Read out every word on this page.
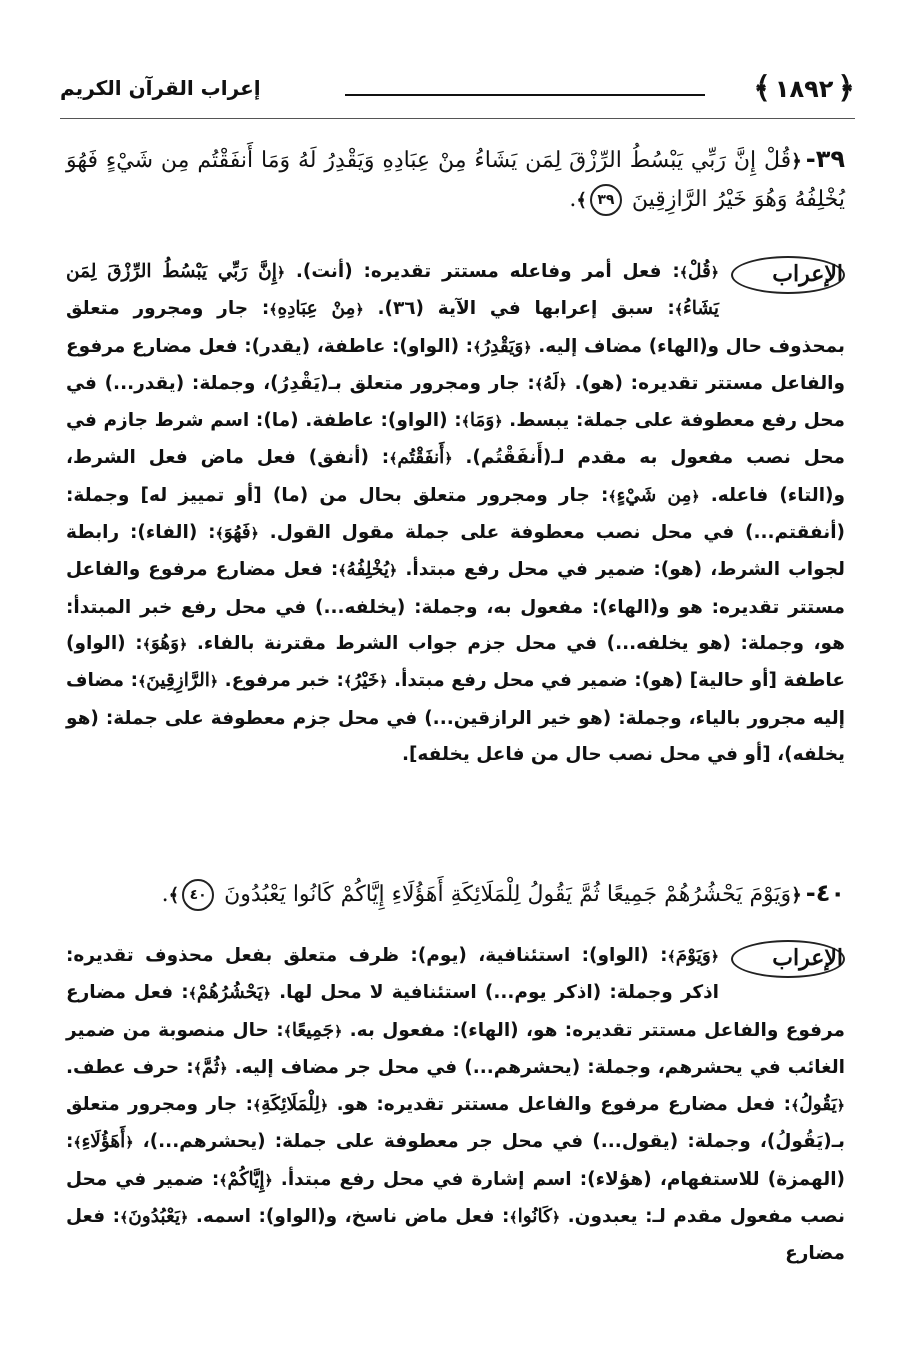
﴿
١٨٩٢
﴾
إعراب القرآن الكريم
٣٩-﴿قُلْ إِنَّ رَبِّي يَبْسُطُ الرِّزْقَ لِمَن يَشَاءُ مِنْ عِبَادِهِ وَيَقْدِرُ لَهُ وَمَا أَنفَقْتُم مِن شَيْءٍ فَهُوَ يُخْلِفُهُ وَهُوَ خَيْرُ الرَّازِقِينَ ٣٩﴾.
الإعراب
﴿قُلْ﴾: فعل أمر وفاعله مستتر تقديره: (أنت). ﴿إِنَّ رَبِّي يَبْسُطُ الرِّزْقَ لِمَن يَشَاءُ﴾: سبق إعرابها في الآية (٣٦). ﴿مِنْ عِبَادِهِ﴾: جار ومجرور متعلق بمحذوف حال و(الهاء) مضاف إليه. ﴿وَيَقْدِرُ﴾: (الواو): عاطفة، (يقدر): فعل مضارع مرفوع والفاعل مستتر تقديره: (هو). ﴿لَهُ﴾: جار ومجرور متعلق بـ(يَقْدِرُ)، وجملة: (يقدر...) في محل رفع معطوفة على جملة: يبسط. ﴿وَمَا﴾: (الواو): عاطفة. (ما): اسم شرط جازم في محل نصب مفعول به مقدم لـ(أَنفَقْتُم). ﴿أَنفَقْتُم﴾: (أنفق) فعل ماض فعل الشرط، و(التاء) فاعله. ﴿مِن شَيْءٍ﴾: جار ومجرور متعلق بحال من (ما) [أو تمييز له] وجملة: (أنفقتم...) في محل نصب معطوفة على جملة مقول القول. ﴿فَهُوَ﴾: (الفاء): رابطة لجواب الشرط، (هو): ضمير في محل رفع مبتدأ. ﴿يُخْلِفُهُ﴾: فعل مضارع مرفوع والفاعل مستتر تقديره: هو و(الهاء): مفعول به، وجملة: (يخلفه...) في محل رفع خبر المبتدأ: هو، وجملة: (هو يخلفه...) في محل جزم جواب الشرط مقترنة بالفاء. ﴿وَهُوَ﴾: (الواو) عاطفة [أو حالية] (هو): ضمير في محل رفع مبتدأ. ﴿خَيْرُ﴾: خبر مرفوع. ﴿الرَّازِقِينَ﴾: مضاف إليه مجرور بالياء، وجملة: (هو خير الرازقين...) في محل جزم معطوفة على جملة: (هو يخلفه)، [أو في محل نصب حال من فاعل يخلفه].
٤٠-﴿وَيَوْمَ يَحْشُرُهُمْ جَمِيعًا ثُمَّ يَقُولُ لِلْمَلَائِكَةِ أَهَؤُلَاءِ إِيَّاكُمْ كَانُوا يَعْبُدُونَ ٤٠﴾.
الإعراب
﴿وَيَوْمَ﴾: (الواو): استئنافية، (يوم): ظرف متعلق بفعل محذوف تقديره: اذكر وجملة: (اذكر يوم...) استئنافية لا محل لها. ﴿يَحْشُرُهُمْ﴾: فعل مضارع مرفوع والفاعل مستتر تقديره: هو، (الهاء): مفعول به. ﴿جَمِيعًا﴾: حال منصوبة من ضمير الغائب في يحشرهم، وجملة: (يحشرهم...) في محل جر مضاف إليه. ﴿ثُمَّ﴾: حرف عطف. ﴿يَقُولُ﴾: فعل مضارع مرفوع والفاعل مستتر تقديره: هو. ﴿لِلْمَلَائِكَةِ﴾: جار ومجرور متعلق بـ(يَقُولُ)، وجملة: (يقول...) في محل جر معطوفة على جملة: (يحشرهم...)، ﴿أَهَؤُلَاءِ﴾: (الهمزة) للاستفهام، (هؤلاء): اسم إشارة في محل رفع مبتدأ. ﴿إِيَّاكُمْ﴾: ضمير في محل نصب مفعول مقدم لـ: يعبدون. ﴿كَانُوا﴾: فعل ماض ناسخ، و(الواو): اسمه. ﴿يَعْبُدُونَ﴾: فعل مضارع
